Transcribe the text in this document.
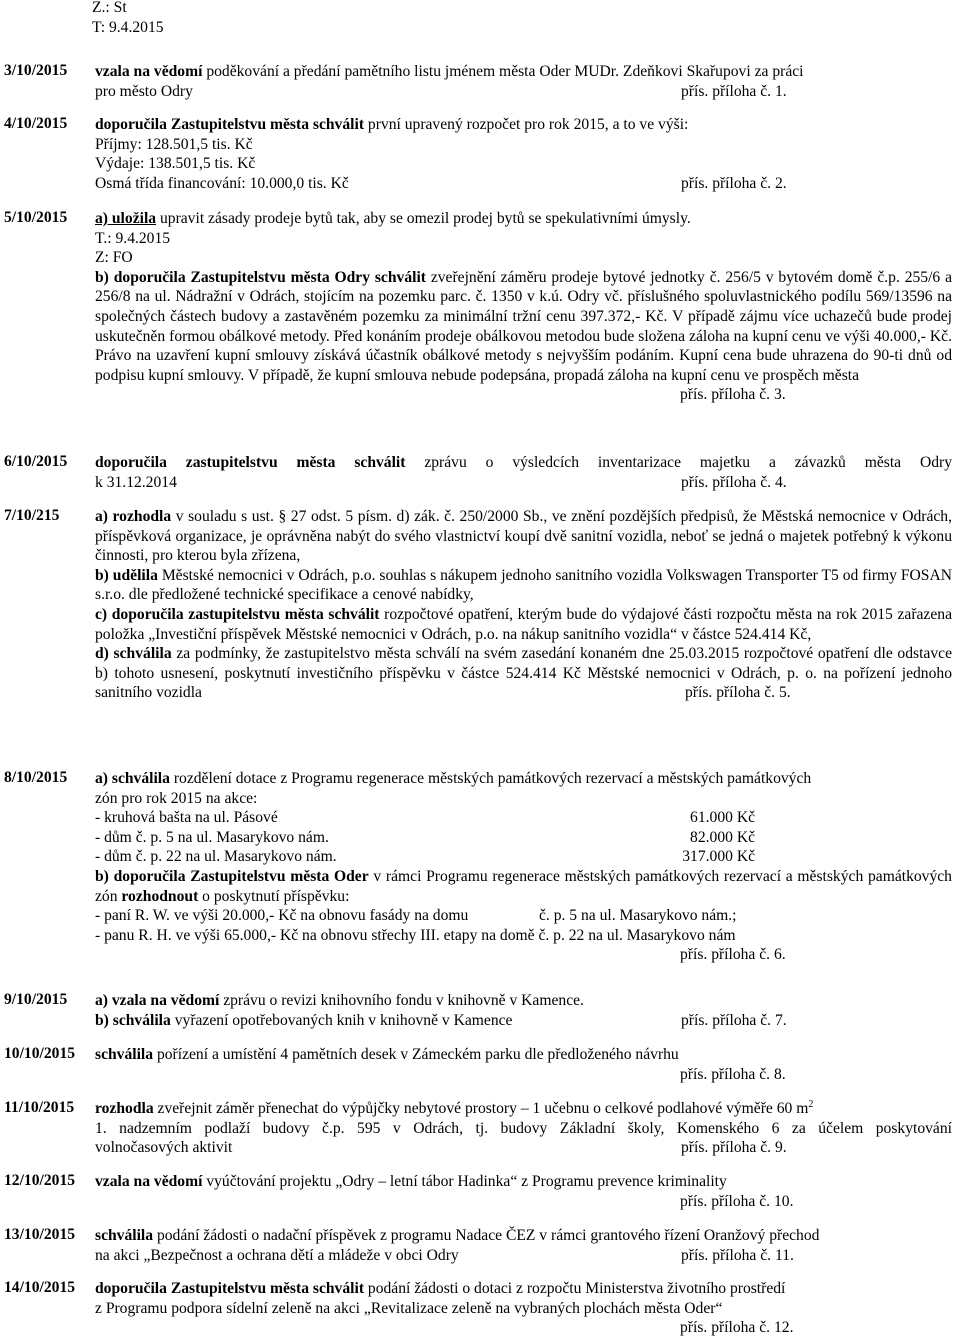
Z.: St
T: 9.4.2015
3/10/2015	vzala na vědomí poděkování a předání pamětního listu jménem města Oder MUDr. Zdeňkovi Skařupovi za práci
pro město Odry	přís. příloha č. 1.
4/10/2015	doporučila Zastupitelstvu města schválit první upravený rozpočet pro rok 2015, a to ve výši:
Příjmy: 128.501,5 tis. Kč
Výdaje: 138.501,5 tis. Kč
Osmá třída financování: 10.000,0 tis. Kč	přís. příloha č. 2.
5/10/2015	a) uložila upravit zásady prodeje bytů tak, aby se omezil prodej bytů se spekulativními úmysly.
T.: 9.4.2015
Z: FO
b) doporučila Zastupitelstvu města Odry schválit zveřejnění záměru prodeje bytové jednotky č. 256/5 v bytovém domě č.p. 255/6 a 256/8 na ul. Nádražní v Odrách, stojícím na pozemku parc. č. 1350 v k.ú. Odry vč. příslušného spoluvlastnického podílu 569/13596 na společných částech budovy a zastavěném pozemku za minimální tržní cenu 397.372,- Kč. V případě zájmu více uchazečů bude prodej uskutečněn formou obálkové metody. Před konáním prodeje obálkovou metodou bude složena záloha na kupní cenu ve výši 40.000,- Kč. Právo na uzavření kupní smlouvy získává účastník obálkové metody s nejvyšším podáním. Kupní cena bude uhrazena do 90-ti dnů od podpisu kupní smlouvy. V případě, že kupní smlouva nebude podepsána, propadá záloha na kupní cenu ve prospěch města
přís. příloha č. 3.
6/10/2015	doporučila zastupitelstvu města schválit zprávu o výsledcích inventarizace majetku a závazků města Odry
k 31.12.2014	přís. příloha č. 4.
7/10/215	a) rozhodla v souladu s ust. § 27 odst. 5 písm. d) zák. č. 250/2000 Sb., ve znění pozdějších předpisů, že Městská nemocnice v Odrách, příspěvková organizace, je oprávněna nabýt do svého vlastnictví koupí dvě sanitní vozidla, neboť se jedná o majetek potřebný k výkonu činnosti, pro kterou byla zřízena,
b) udělila Městské nemocnici v Odrách, p.o. souhlas s nákupem jednoho sanitního vozidla Volkswagen Transporter T5 od firmy FOSAN s.r.o. dle předložené technické specifikace a cenové nabídky,
c) doporučila zastupitelstvu města schválit rozpočtové opatření, kterým bude do výdajové části rozpočtu města na rok 2015 zařazena položka „Investiční příspěvek Městské nemocnici v Odrách, p.o. na nákup sanitního vozidla“ v částce 524.414 Kč,
d) schválila za podmínky, že zastupitelstvo města schválí na svém zasedání konaném dne 25.03.2015 rozpočtové opatření dle odstavce b) tohoto usnesení, poskytnutí investičního příspěvku v částce 524.414 Kč Městské nemocnici v Odrách, p. o. na pořízení jednoho sanitního vozidla	přís. příloha č. 5.
8/10/2015	a) schválila rozdělení dotace z Programu regenerace městských památkových rezervací a městských památkových
zón pro rok 2015 na akce:
- kruhová bašta na ul. Pásové	61.000 Kč
- dům č. p. 5 na ul. Masarykovo nám.	82.000 Kč
- dům č. p. 22 na ul. Masarykovo nám.	317.000 Kč
b) doporučila Zastupitelstvu města Oder v rámci Programu regenerace městských památkových rezervací a městských památkových zón rozhodnout o poskytnutí příspěvku:
- paní R. W. ve výši 20.000,- Kč na obnovu fasády na domu	č. p. 5 na ul. Masarykovo nám.;
- panu R. H. ve výši 65.000,- Kč na obnovu střechy III. etapy na domě č. p. 22 na ul. Masarykovo nám
přís. příloha č. 6.
9/10/2015	a) vzala na vědomí zprávu o revizi knihovního fondu v knihovně v Kamence.
b) schválila vyřazení opotřebovaných knih v knihovně v Kamence	přís. příloha č. 7.
10/10/2015	schválila pořízení a umístění 4 pamětních desek v Zámeckém parku dle předloženého návrhu
přís. příloha č. 8.
11/10/2015	rozhodla zveřejnit záměr přenechat do výpůjčky nebytové prostory – 1 učebnu o celkové podlahové výměře 60 $m^2$
1. nadzemním podlaží budovy č.p. 595 v Odrách, tj. budovy Základní školy, Komenského 6 za účelem poskytování
volnočasových aktivit	přís. příloha č. 9.
12/10/2015	vzala na vědomí vyúčtování projektu „Odry – letní tábor Hadinka“ z Programu prevence kriminality
přís. příloha č. 10.
13/10/2015	schválila podání žádosti o nadační příspěvek z programu Nadace ČEZ v rámci grantového řízení Oranžový přechod
na akci „Bezpečnost a ochrana dětí a mládeže v obci Odry	přís. příloha č. 11.
14/10/2015	doporučila Zastupitelstvu města schválit podání žádosti o dotaci z rozpočtu Ministerstva životního prostředí
z Programu podpora sídelní zeleně na akci „Revitalizace zeleně na vybraných plochách města Oder“
přís. příloha č. 12.
